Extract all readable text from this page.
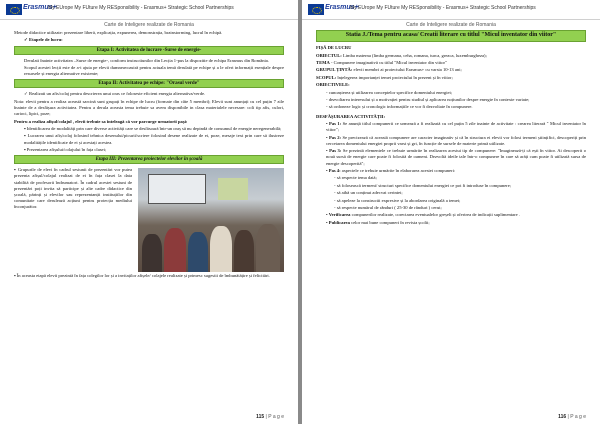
Erasmus+
My EUrope My FUture My RESponsibility - Erasmus+ Strategic School Partnerships
Carte de Inteligere realizate de Romania

Metode didactice utilizate: prezentare liberă, explicația, expunerea, demonstrația, brainstorming, lucrul în echipă.

✓ Etapele de lucru:

Etapa I: Activitatea de lucrare -Surse de energie-

Derulati înainte activitatea –Surse de energie-, conform instructiunilor din Lecția 1-pus la dispozitie de echipa Erasmus din România.

Scopul acestei lecții este de a-i ajuta pe elevii dumneavoastră pentru actuala temă derulată pe echipe și a le oferi informații esențiale despre resursele și energia alternative existente;

Etapa II: Activitatea pe echipe: "Orasul verde"

✓ Realizati un afis/colaj pentru descrierea unui oras ce foloseste eficient energia alternativa/verde.

Nota: elevii pentru a realiza această sarcină sunt grupați în echipe de lucru (formate din câte 5 membri); Elevii sunt anunțați cu cel puțin 7 zile înainte de a desfășura activitatea. Pentru a derula aceasta tema trebuie sa avem disponibile in clasa materialele necesare: coli tip afis, culori, carioci, lipici, poze;

Pentru a realiza afișul/colajul , elevii trebuie sa înteleagă că vor parcurge urmatorii pași:

▪ Identificarea de modalități prin care diverse activități care se desfăsoară într-un oraș să nu depindă de consumul de energie neregenerabilă;

▪ Lucrarea unui afiș/colaj folosind tehnica desenului/picurii/scriere folosind desene realizate de ei, poze, mesaje text prin care să ilustreze modalitățile identificate de ei și acestați acestea.

▪ Prezentarea afișului/colajului în fața clasei;

Etapa III: Prezentarea proiectelor elevilor în școală

▪ Grupurile de elevi în cadrul sesiunii de prezentări vor putea prezenta afișul/colajul realizat de ei în fața clasei la data stabilită de profesorii îndrumatori. În cadrul acestei sesiuni de prezentări poți invita să participe și alte cadre didactice din școală, părinți și elevilor sau reprezentanții instituțiilor din comunitate care derulează acțiuni pentru protecția mediului înconjurător.

▪ În aceasta etapă elevii prezintă în fața colegilor lor și a invitaților afișele/ colajele realizate și primesc sugestii de îmbunătățire și felicitări.

115 | P a g e
Erasmus+
My EUrope My FUture My RESponsibility - Erasmus+ Strategic School Partnerships
Carte de Inteligere realizate de Romania
Statia J./Tema pentru acasa/ Creatii literare cu titlul "Micul inventator din viitor"

FIȘĂ DE LUCRU

OBIECTUL: Limba materna (limba germana, ceha, romana, turca, greaca, luxemburgheza);

TEMA - Compunere imaginativă cu titlul "Micul inventator din viitor"

GRUPUL ȚINTĂ: elevii membri ai proiectului Erasmus+ cu varsta 10-13 ani;

SCOPUL: înțelegerea importanței temei proiectului în prezent și în viitor;

OBIECTIVELE:

- cunoașterea și utilizarea conceptelor specifice domeniului energiei;

- dezvoltarea interesului și a motivației pentru studiul și aplicarea noțiunilor despre energie în contexte variate;

- să ordoneze logic și cronologic informațiile ce vor fi dezvoltate în compunere.

DESFĂȘURAREA ACTIVITĂȚII:

• Pas 1: Se anunță titlul compunerii ce urmează a fi realizată cu cel puțin 5 zile inainte de activitate : crearea literară " Micul inventator în viitor";

• Pas 2: Se precizează că această compunere are caracter imaginativ și că în structura ei elevii vor folosi termeni științifici, descoperiți prin cercetarea domeniului energiei proprii varst și gri, în funcție de sursele de materie primă utilizate.

• Pas 3: Se prezintă elementele ce trebuie urmărite în realizarea acestui tip de compunere: "Imaginează-ți că ești în viitor. Ai descoperit o nouă sursă de energie care poate fi folosită de oameni. Dezvoltă ideile tale într-o compunere în care să arăți cum poate fi utilizată sursa de energie descoperită";

• Pas 4: aspectele ce trebuie urmărite în elaborarea acestei compuneri:

- să respecte tema dată;

- să folosească termeni/ structuri specifice domeniului energiei ce pot fi introduse în compunere;

- să aibă un conținut adecvat cerintei;

- să apeleze la constructii expresive și la abordarea originală a temei;

- să respecte numărul de rânduri ( 25-30 de rânduri ) cerut;

• Verificarea compunerilor realizate, corectarea eventualelor greșeli și oferirea de indicații suplimentare .

• Publicarea celor mai bune compuneri în revista școlii;

116 | P a g e
